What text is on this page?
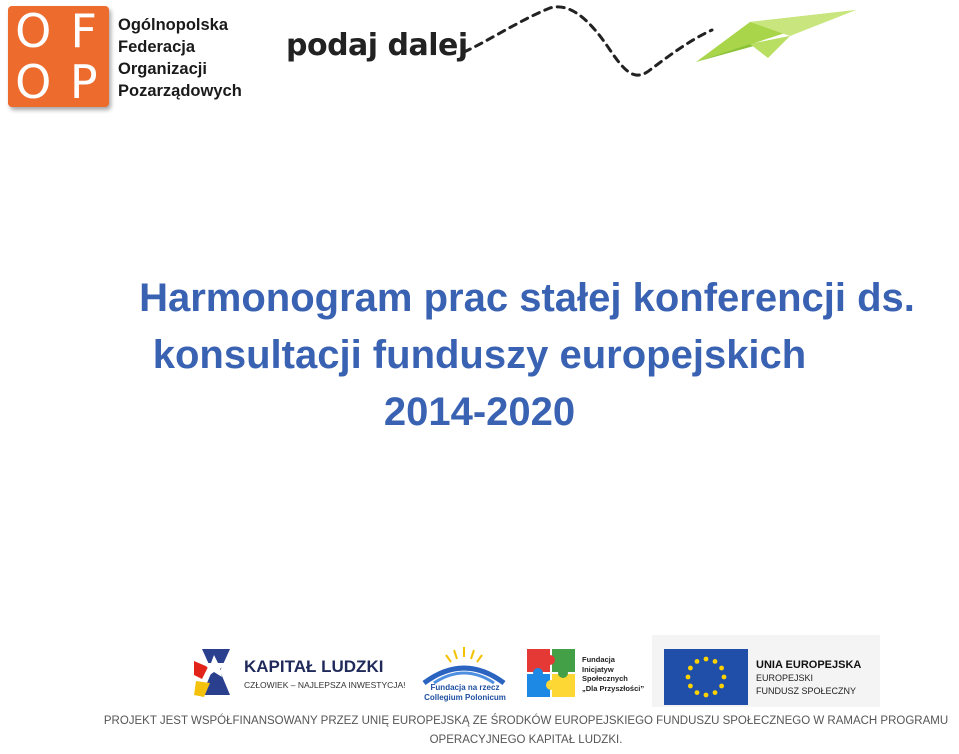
O F
O P
Ogólnopolska
Federacja
Organizacji
Pozarządowych
podaj dalej
Harmonogram prac stałej konferencji ds.
konsultacji funduszy europejskich
2014-2020
KAPITAŁ LUDZKI
CZŁOWIEK – NAJLEPSZA INWESTYCJA!	Fundacja na rzecz
Collegium Polonicum
Fundacja
Inicjatyw
Społecznych
„Dla Przyszłości”
UNIA EUROPEJSKA
EUROPEJSKI
FUNDUSZ SPOŁECZNY
PROJEKT JEST WSPÓŁFINANSOWANY PRZEZ UNIĘ EUROPEJSKĄ ZE ŚRODKÓW EUROPEJSKIEGO FUNDUSZU SPOŁECZNEGO W RAMACH PROGRAMU
OPERACYJNEGO KAPITAŁ LUDZKI.
